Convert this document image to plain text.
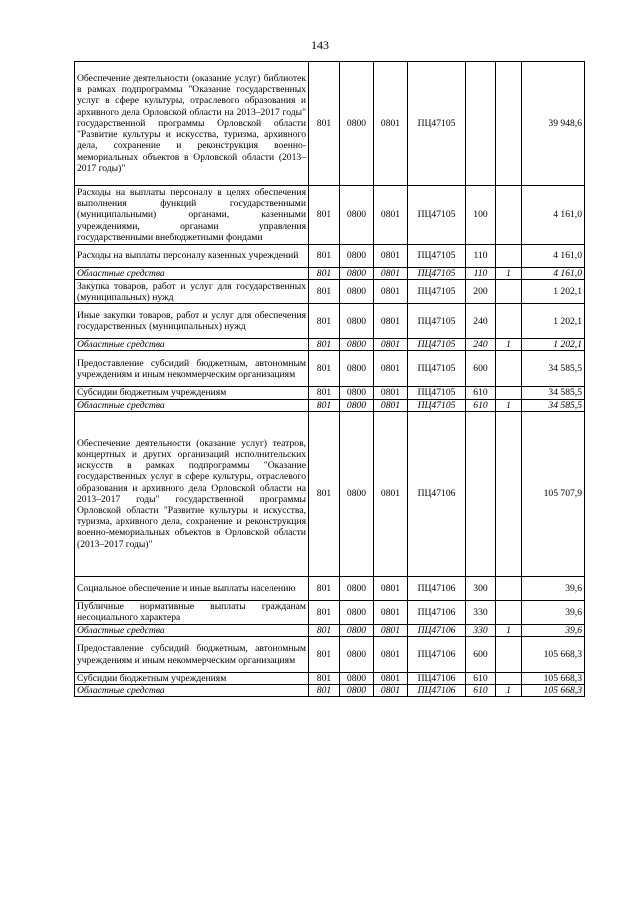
143
Обеспечение деятельности (оказание услуг) библиотек в рамках подпрограммы "Оказание государственных услуг в сфере культуры, отраслевого образования и архивного дела Орловской области на 2013–2017 годы" государственной программы Орловской области "Развитие культуры и искусства, туризма, архивного дела, сохранение и реконструкция военно-мемориальных объектов в Орловской области (2013–2017 годы)"	801	0800	0801	ПЦ47105			39 948,6
Расходы на выплаты персоналу в целях обеспечения выполнения функций государственными (муниципальными) органами, казенными учреждениями, органами управления государственными внебюджетными фондами	801	0800	0801	ПЦ47105	100		4 161,0
Расходы на выплаты персоналу казенных учреждений	801	0800	0801	ПЦ47105	110		4 161,0
Областные средства	801	0800	0801	ПЦ47105	110	1	4 161,0
Закупка товаров, работ и услуг для государственных (муниципальных) нужд	801	0800	0801	ПЦ47105	200		1 202,1
Иные закупки товаров, работ и услуг для обеспечения государственных (муниципальных) нужд	801	0800	0801	ПЦ47105	240		1 202,1
Областные средства	801	0800	0801	ПЦ47105	240	1	1 202,1
Предоставление субсидий бюджетным, автономным учреждениям и иным некоммерческим организациям	801	0800	0801	ПЦ47105	600		34 585,5
Субсидии бюджетным учреждениям	801	0800	0801	ПЦ47105	610		34 585,5
Областные средства	801	0800	0801	ПЦ47105	610	1	34 585,5
Обеспечение деятельности (оказание услуг) театров, концертных и других организаций исполнительских искусств в рамках подпрограммы "Оказание государственных услуг в сфере культуры, отраслевого образования и архивного дела Орловской области на 2013–2017 годы" государственной программы Орловской области "Развитие культуры и искусства, туризма, архивного дела, сохранение и реконструкция военно-мемориальных объектов в Орловской области (2013–2017 годы)"	801	0800	0801	ПЦ47106			105 707,9
Социальное обеспечение и иные выплаты населению	801	0800	0801	ПЦ47106	300		39,6
Публичные нормативные выплаты гражданам несоциального характера	801	0800	0801	ПЦ47106	330		39,6
Областные средства	801	0800	0801	ПЦ47106	330	1	39,6
Предоставление субсидий бюджетным, автономным учреждениям и иным некоммерческим организациям	801	0800	0801	ПЦ47106	600		105 668,3
Субсидии бюджетным учреждениям	801	0800	0801	ПЦ47106	610		105 668,3
Областные средства	801	0800	0801	ПЦ47106	610	1	105 668,3
